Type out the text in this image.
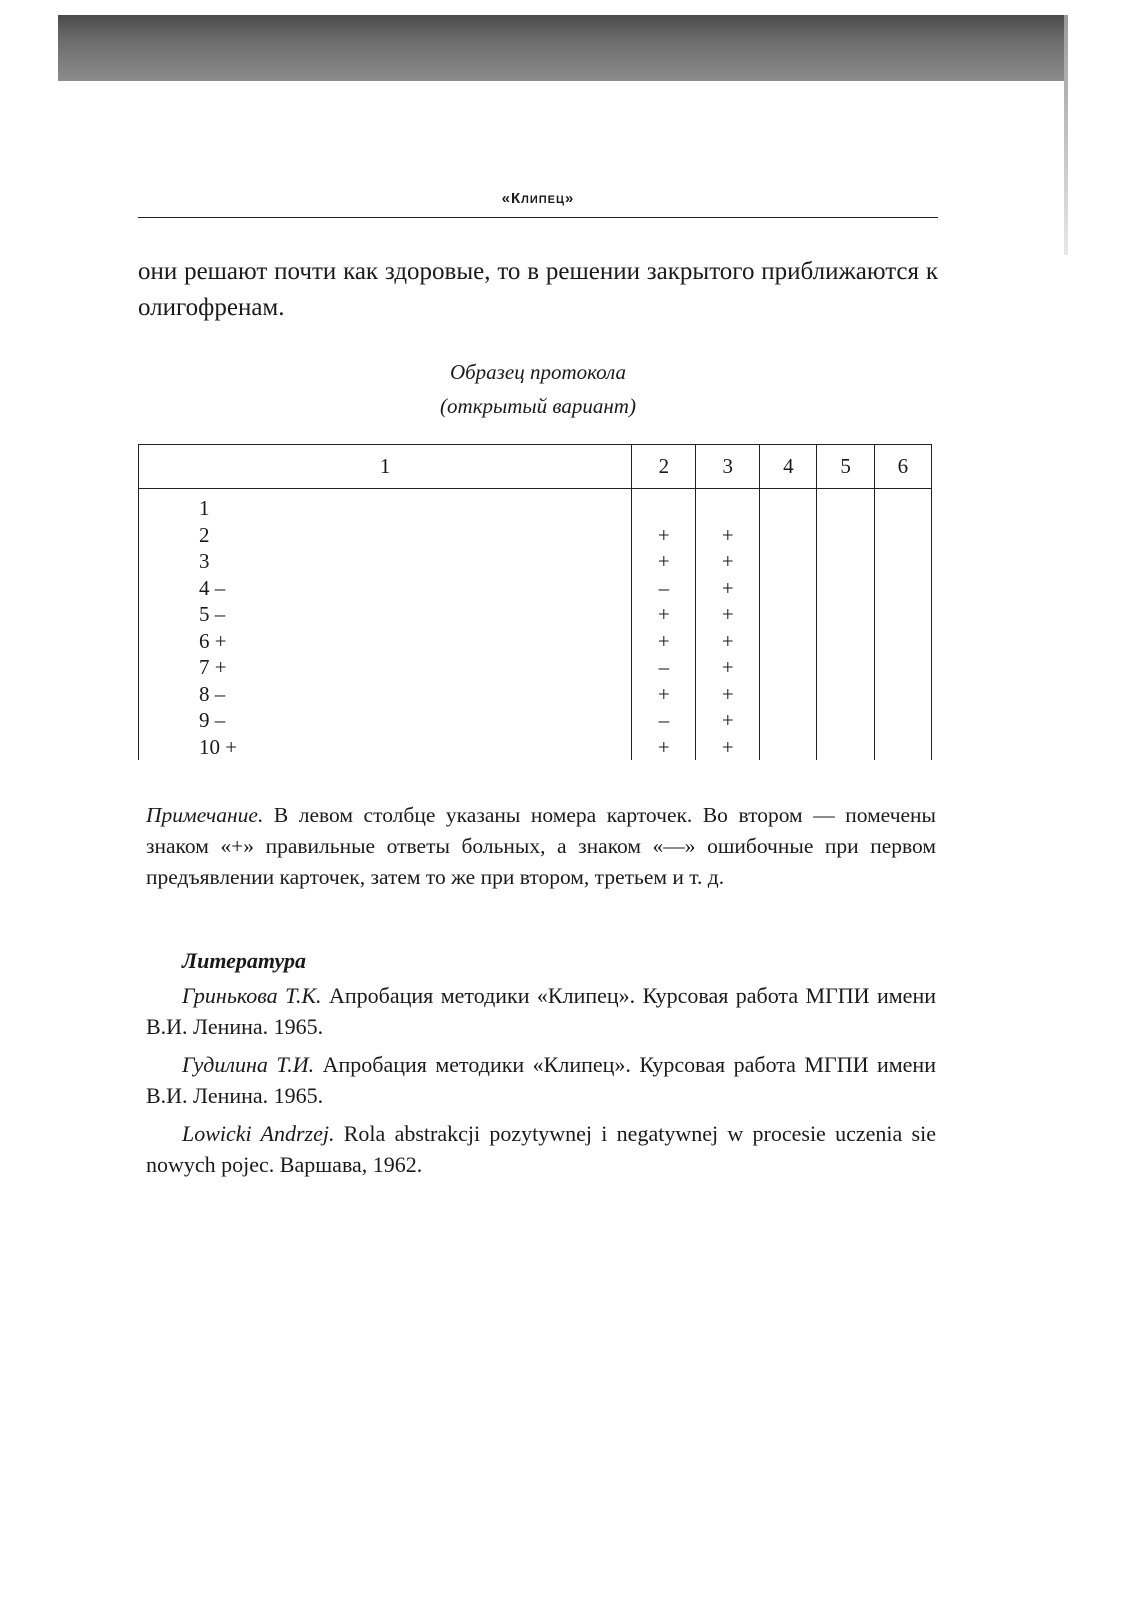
«Клипец»
они решают почти как здоровые, то в решении закрытого приближаются к олигофренам.
Образец протокола
(открытый вариант)
1	2	3	4	5	6
1					
2	+	+			
3	+	+			
4 –	–	+			
5 –	+	+			
6 +	+	+			
7 +	–	+			
8 –	+	+			
9 –	–	+			
10 +	+	+			
Примечание. В левом столбце указаны номера карточек. Во втором — помечены знаком «+» правильные ответы больных, а знаком «—» ошибочные при первом предъявлении карточек, затем то же при втором, третьем и т. д.
Литература

Гринькова Т.К. Апробация методики «Клипец». Курсовая работа МГПИ имени В.И. Ленина. 1965.

Гудилина Т.И. Апробация методики «Клипец». Курсовая работа МГПИ имени В.И. Ленина. 1965.

Lowicki Andrzej. Rola abstrakcji pozytywnej i negatywnej w procesie uczenia sie nowych pojec. Варшава, 1962.
